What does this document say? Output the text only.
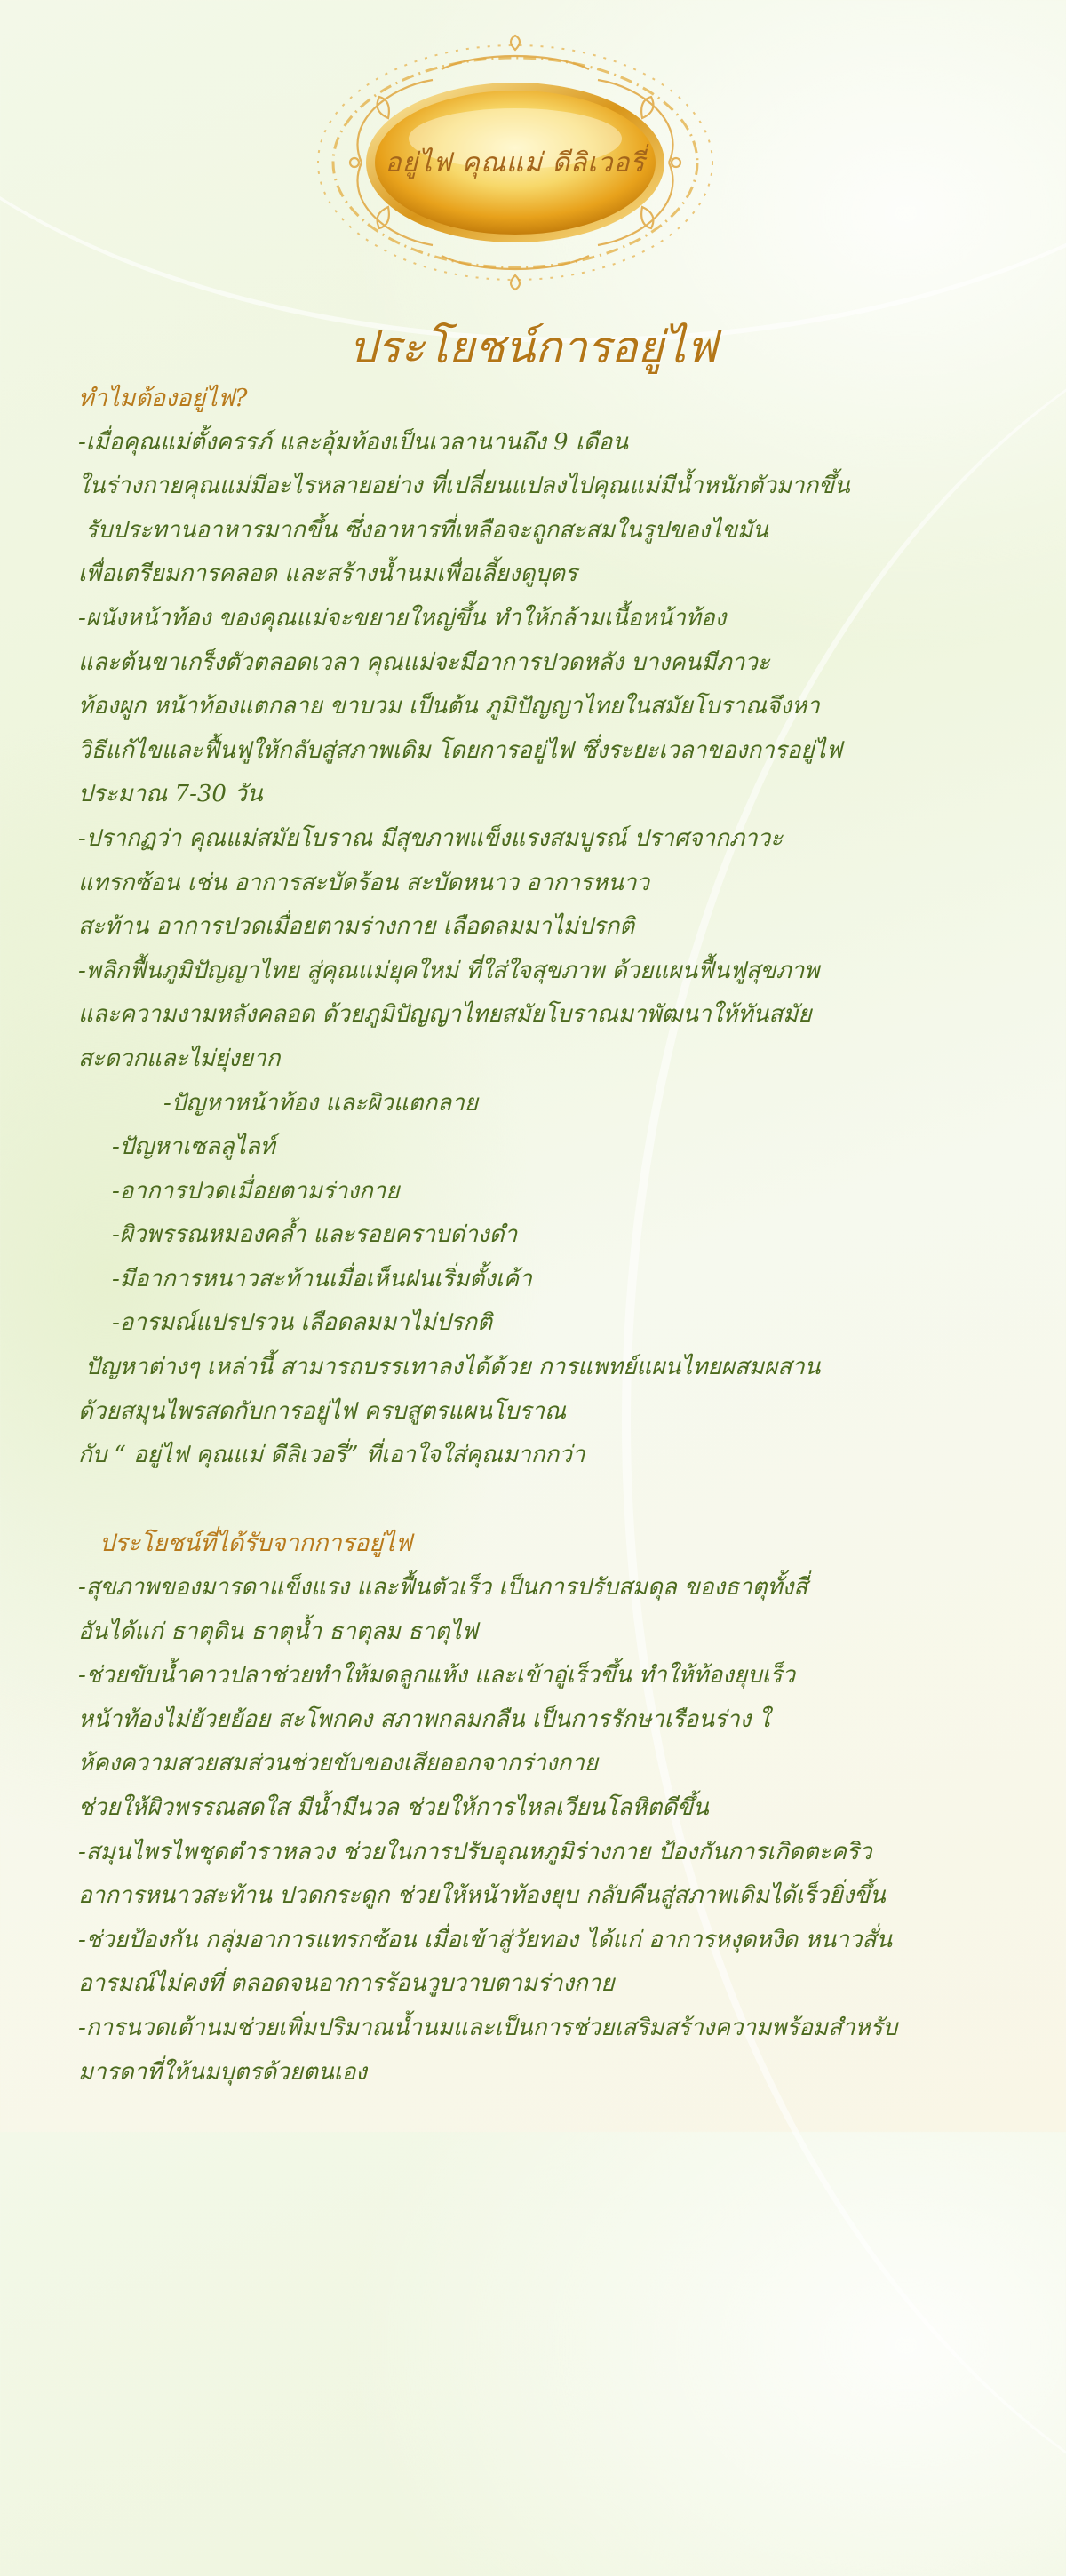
อยู่ไฟ คุณแม่ ดีลิเวอรี่
ประโยชน์การอยู่ไฟ
ทำไมต้องอยู่ไฟ?
-เมื่อคุณแม่ตั้งครรภ์ และอุ้มท้องเป็นเวลานานถึง 9 เดือน
ในร่างกายคุณแม่มีอะไรหลายอย่าง ที่เปลี่ยนแปลงไปคุณแม่มีน้ำหนักตัวมากขึ้น
รับประทานอาหารมากขึ้น ซึ่งอาหารที่เหลือจะถูกสะสมในรูปของไขมัน
เพื่อเตรียมการคลอด และสร้างน้ำนมเพื่อเลี้ยงดูบุตร
-ผนังหน้าท้อง ของคุณแม่จะขยายใหญ่ขึ้น ทำให้กล้ามเนื้อหน้าท้อง
และต้นขาเกร็งตัวตลอดเวลา คุณแม่จะมีอาการปวดหลัง บางคนมีภาวะ
ท้องผูก หน้าท้องแตกลาย ขาบวม เป็นต้น ภูมิปัญญาไทยในสมัยโบราณจึงหา
วิธีแก้ไขและฟื้นฟูให้กลับสู่สภาพเดิม โดยการอยู่ไฟ ซึ่งระยะเวลาของการอยู่ไฟ
ประมาณ 7-30 วัน
-ปรากฏว่า คุณแม่สมัยโบราณ มีสุขภาพแข็งแรงสมบูรณ์ ปราศจากภาวะ
แทรกซ้อน เช่น อาการสะบัดร้อน สะบัดหนาว อาการหนาว
สะท้าน อาการปวดเมื่อยตามร่างกาย เลือดลมมาไม่ปรกติ
-พลิกฟื้นภูมิปัญญาไทย สู่คุณแม่ยุคใหม่ ที่ใส่ใจสุขภาพ ด้วยแผนฟื้นฟูสุขภาพ
และความงามหลังคลอด ด้วยภูมิปัญญาไทยสมัยโบราณมาพัฒนาให้ทันสมัย
สะดวกและไม่ยุ่งยาก
-ปัญหาหน้าท้อง และผิวแตกลาย
-ปัญหาเซลลูไลท์
-อาการปวดเมื่อยตามร่างกาย
-ผิวพรรณหมองคล้ำ และรอยคราบด่างดำ
-มีอาการหนาวสะท้านเมื่อเห็นฝนเริ่มตั้งเค้า
-อารมณ์แปรปรวน เลือดลมมาไม่ปรกติ
ปัญหาต่างๆ เหล่านี้ สามารถบรรเทาลงได้ด้วย การแพทย์แผนไทยผสมผสาน
ด้วยสมุนไพรสดกับการอยู่ไฟ ครบสูตรแผนโบราณ
กับ “ อยู่ไฟ คุณแม่ ดีลิเวอรี่” ที่เอาใจใส่คุณมากกว่า
ประโยชน์ที่ได้รับจากการอยู่ไฟ
-สุขภาพของมารดาแข็งแรง และฟื้นตัวเร็ว เป็นการปรับสมดุล ของธาตุทั้งสี่
อันได้แก่ ธาตุดิน ธาตุน้ำ ธาตุลม ธาตุไฟ
-ช่วยขับน้ำคาวปลาช่วยทำให้มดลูกแห้ง และเข้าอู่เร็วขึ้น ทำให้ท้องยุบเร็ว
หน้าท้องไม่ย้วยย้อย สะโพกคง สภาพกลมกลืน เป็นการรักษาเรือนร่าง ใ
ห้คงความสวยสมส่วนช่วยขับของเสียออกจากร่างกาย
ช่วยให้ผิวพรรณสดใส มีน้ำมีนวล ช่วยให้การไหลเวียนโลหิตดีขึ้น
-สมุนไพรไพชุดตำราหลวง ช่วยในการปรับอุณหภูมิร่างกาย ป้องกันการเกิดตะคริว
อาการหนาวสะท้าน ปวดกระดูก ช่วยให้หน้าท้องยุบ กลับคืนสู่สภาพเดิมได้เร็วยิ่งขึ้น
-ช่วยป้องกัน กลุ่มอาการแทรกซ้อน เมื่อเข้าสู่วัยทอง ได้แก่ อาการหงุดหงิด หนาวสั่น
อารมณ์ไม่คงที่ ตลอดจนอาการร้อนวูบวาบตามร่างกาย
-การนวดเต้านมช่วยเพิ่มปริมาณน้ำนมและเป็นการช่วยเสริมสร้างความพร้อมสำหรับ
มารดาที่ให้นมบุตรด้วยตนเอง
